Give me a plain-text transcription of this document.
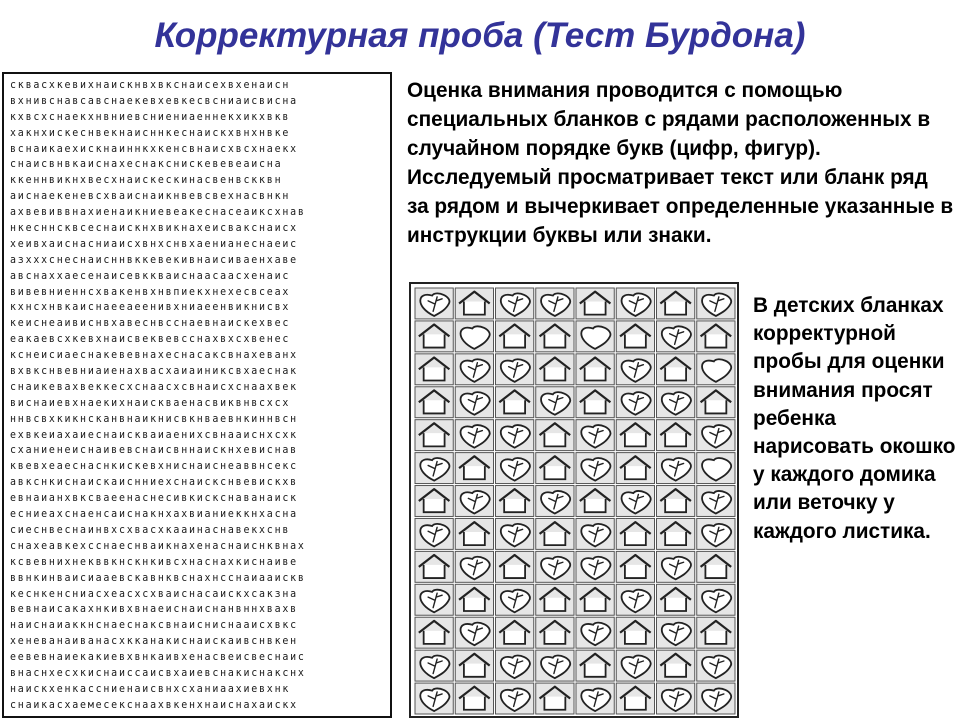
Корректурная проба (Тест Бурдона)
сквасхкевихнаискнвхвкснаисехвхенаисн
вхнивснавсавснаекевхевкесвсниаисвисна
кхвсхснаекхнвниевсниениаеннекхикхвкв
хакнхискеснвекнаисннкеснаискхвнхнвке
вснаикаехискнаиннкхкенсвнаисхвсхнаекх
снаисвнвкаиснахеснакснискевевеаисна
ккеннвикнхвесхнаискескинасвенвскквн
аиснаекеневсхваиснаикнвевсвехнасвнкн
ахвевиввнахиенаикниевеакеснасеаиксхнав
нкесннсквсеснаискнхвикнахеисвакснаисх
хеивхаиснасниаисхвнхснвхаенианеснаеис
азхххснеснаисннвккевекивнаисиваенхаве
авснаххаесенаисевккваиснаасаасхенаис
вивевниеннсхвакенвхнвпиекхнехесвсеах
кхнсхнвкаиснаееаеенивхниаеенвикнисвх
кеиснеаивиснвхавеснвсснаевнаискехвес
еакаевсхкевхнаисвеквевсснахвхсхвенес
кснеисиаеснакевевнахеснасаксвнахеванх
вхвкснвевниаиенахвасхаиаиниксвхаеснак
снаикевахвеккесхснаасхсвнаисхснаахвек
виснаиевхнаекихнаискваенасвиквнвсхсх
ннвсвхкикнсканвнаикнисвкнваевнкиннвсн
ехвкеиахаиеснаискваиаенихсвнааиснхсхк
сханиенеиснаивевснаисвннаискнхевиснав
квевхеаеснаснкискевхниснаиснеаввнсекс
авкснкиснаискаиснниехснаискснвевискхв
евнаианхвксваеенаснесивкискснаванаиск
есниеахснаенсаиснакнхахвианиеккнхасна
сиеснвеснаинвхсхвасхкааинаснавекхснв
снахеавкехсснаеснваикнахенаснаиснквнах
ксвевнихнекввкнскнкивсхнаснахкиснаиве
ввнкинваисиааевскавнквснахнсснаиааискв
кеснкенсниасхеасхсхваиснасаискхсакзна
вевнаисакахнкивхвнаеиснаиснанвннхвахв
наиснаиаккнснаеснаксвнаисниснааисхвкс
хеневанаиванасхкканакиснаискаивснвкен
еевевнаиекакиевхвнкаивхенасвеисвеснаис
внаснхесхкиснаиссаисвхаиевснакиснакснх
наискхенкассниенаисвнхсханиаахиевхнк
снаикасхаемесекснаахвкенхнаиснахаискх
Оценка внимания проводится с помощью специальных бланков с рядами расположенных в случайном порядке букв (цифр, фигур). Исследуемый просматривает текст или бланк ряд за рядом и вычеркивает определенные указанные в инструкции буквы или знаки.
В детских бланках корректурной пробы для оценки внимания просят ребенка нарисовать окошко у каждого домика или веточку у каждого листика.
